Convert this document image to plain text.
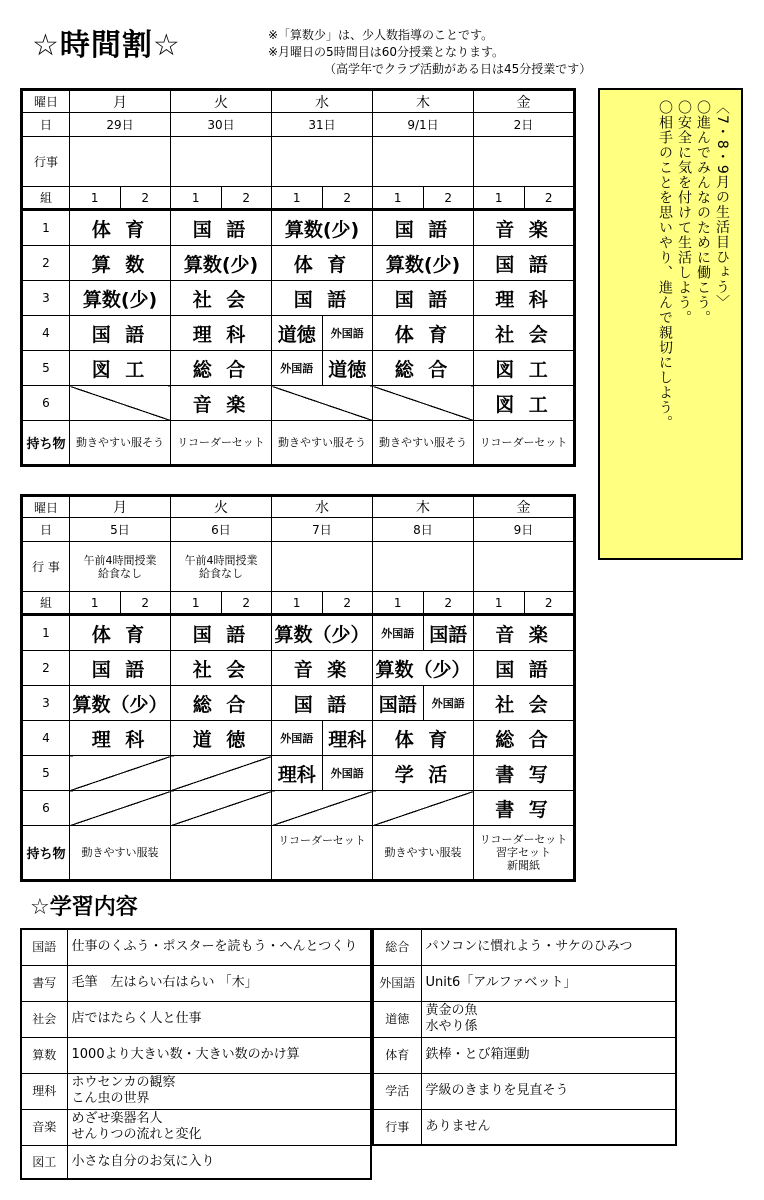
☆時間割☆	※「算数少」は、少人数指導のことです。
※月曜日の5時間目は60分授業となります。
（高学年でクラブ活動がある日は45分授業です）
曜日	月		火		水		木		金	
日	29日		30日		31日		9/1日		2日	
行事										
組	1	2	1	2	1	2	1	2	1	2
1	体 育		国 語		算数(少)		国 語		音 楽	
2	算 数		算数(少)		体 育		算数(少)		国 語	
3	算数(少)		社 会		国 語		国 語		理 科	
4	国 語		理 科		道徳	外国語	体 育		社 会	
5	図 工		総 合		外国語	道徳	総 合		図 工	
6			音 楽						図 工	
持ち物	動きやすい服そう		リコーダーセット		動きやすい服そう		動きやすい服そう		リコーダーセット	
曜日	月		火		水		木		金	
日	5日		6日		7日		8日		9日	
行 事	午前4時間授業
給食なし		午前4時間授業
給食なし							
組	1	2	1	2	1	2	1	2	1	2
1	体 育		国 語		算数（少）		外国語	国語	音 楽	
2	国 語		社 会		音 楽		算数（少）		国 語	
3	算数（少）		総 合		国 語		国語	外国語	社 会	
4	理 科		道 徳		外国語	理科	体 育		総 合	
5					理科	外国語	学 活		書 写	
6									書 写	
持ち物	動きやすい服装				リコーダーセット		動きやすい服装		リコーダーセット
習字セット
新聞紙	
〈7・8・9月の生活目ひょう〉
〇進んでみんなのために働こう。
〇安全に気を付けて生活しよう。
〇相手のことを思いやり、進んで親切にしよう。
☆学習内容
国語	仕事のくふう・ポスターを読もう・へんとつくり
書写	毛筆　左はらい右はらい 「木」
社会	店ではたらく人と仕事
算数	1000より大きい数・大きい数のかけ算
理科	ホウセンカの観察
こん虫の世界
音楽	めざせ楽器名人
せんりつの流れと変化
図工	小さな自分のお気に入り
総合	パソコンに慣れよう・サケのひみつ
外国語	Unit6「アルファベット」
道徳	黄金の魚
水やり係
体育	鉄棒・とび箱運動
学活	学級のきまりを見直そう
行事	ありません
